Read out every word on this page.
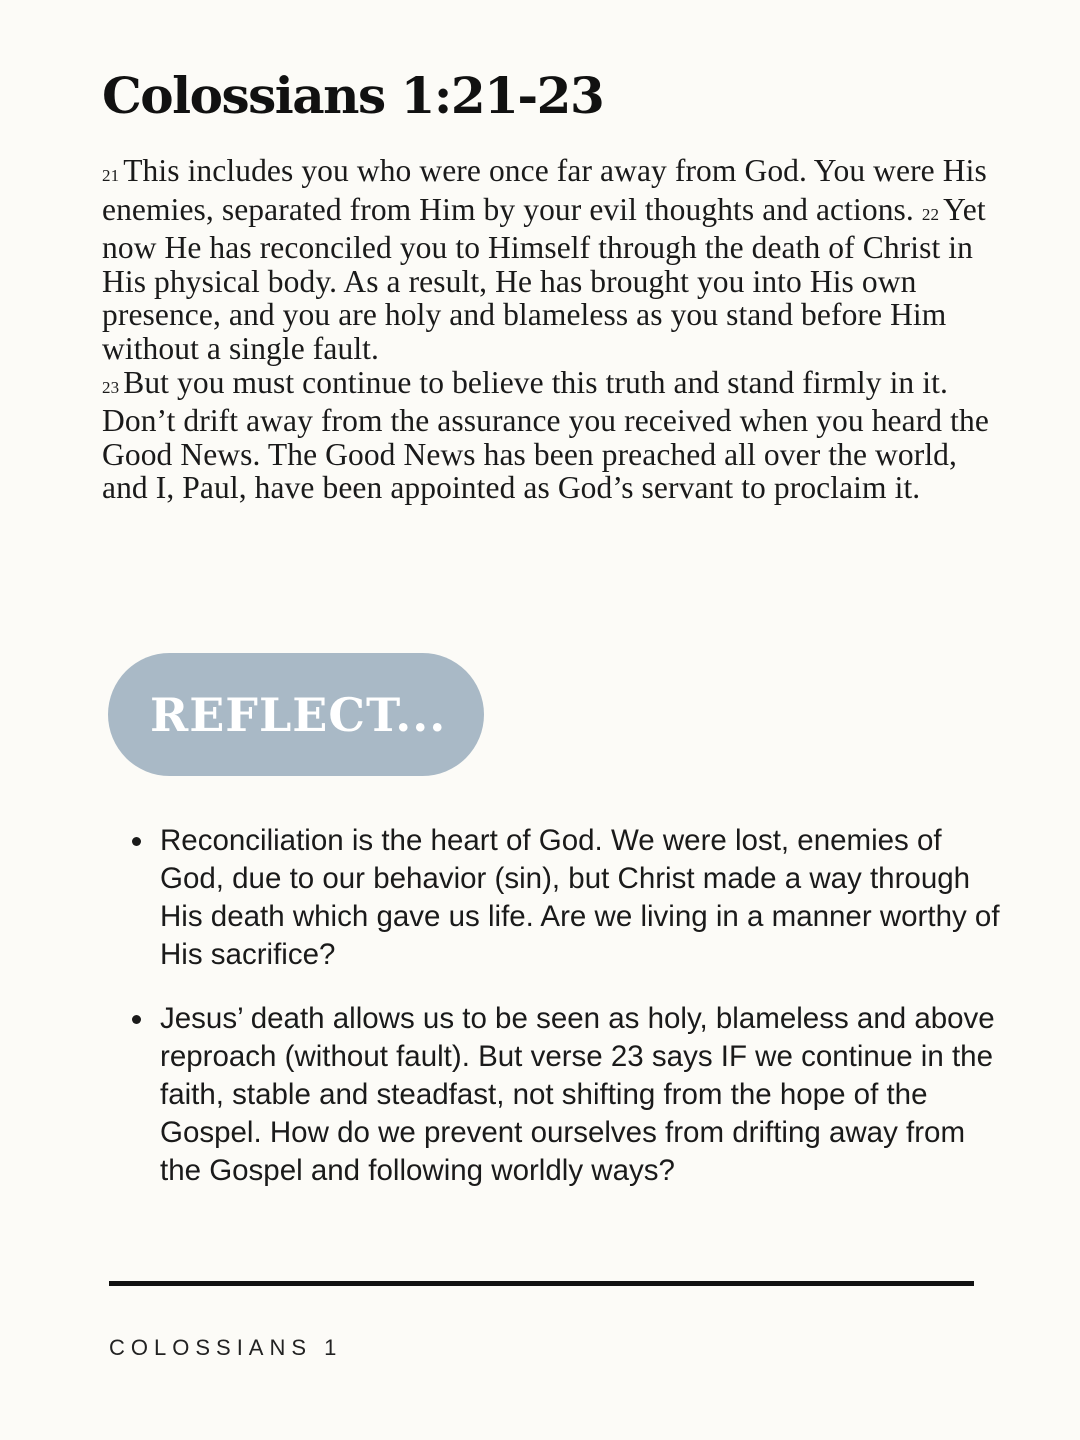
Colossians 1:21-23

21 This includes you who were once far away from God. You were His enemies, separated from Him by your evil thoughts and actions. 22 Yet now He has reconciled you to Himself through the death of Christ in His physical body. As a result, He has brought you into His own presence, and you are holy and blameless as you stand before Him without a single fault.

23 But you must continue to believe this truth and stand firmly in it. Don’t drift away from the assurance you received when you heard the Good News. The Good News has been preached all over the world, and I, Paul, have been appointed as God’s servant to proclaim it.

REFLECT...
Reconciliation is the heart of God. We were lost, enemies of God, due to our behavior (sin), but Christ made a way through His death which gave us life. Are we living in a manner worthy of His sacrifice?
Jesus’ death allows us to be seen as holy, blameless and above reproach (without fault). But verse 23 says IF we continue in the faith, stable and steadfast, not shifting from the hope of the Gospel. How do we prevent ourselves from drifting away from the Gospel and following worldly ways?
COLOSSIANS 1
